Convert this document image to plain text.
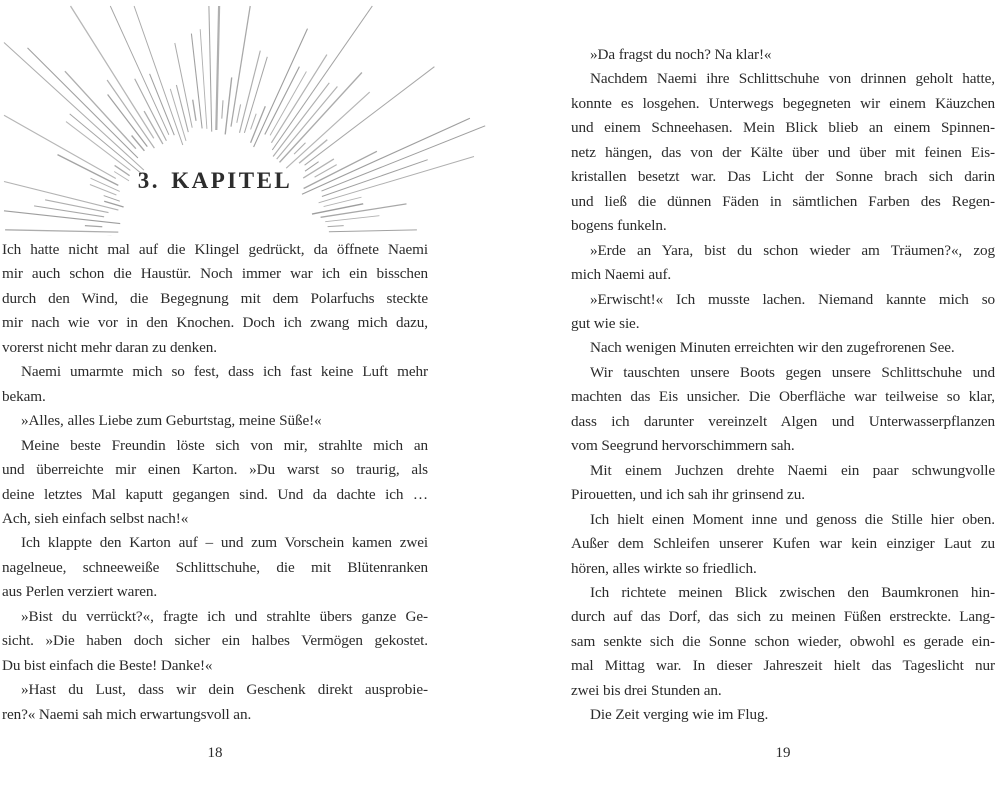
3. KAPITEL
Ich hatte nicht mal auf die Klingel gedrückt, da öffnete Naemi
mir auch schon die Haustür. Noch immer war ich ein bisschen
durch den Wind, die Begegnung mit dem Polarfuchs steckte
mir nach wie vor in den Knochen. Doch ich zwang mich dazu,
vorerst nicht mehr daran zu denken.
Naemi umarmte mich so fest, dass ich fast keine Luft mehr
bekam.
»Alles, alles Liebe zum Geburtstag, meine Süße!«
Meine beste Freundin löste sich von mir, strahlte mich an
und überreichte mir einen Karton. »Du warst so traurig, als
deine letztes Mal kaputt gegangen sind. Und da dachte ich …
Ach, sieh einfach selbst nach!«
Ich klappte den Karton auf – und zum Vorschein kamen zwei
nagelneue, schneeweiße Schlittschuhe, die mit Blütenranken
aus Perlen verziert waren.
»Bist du verrückt?«, fragte ich und strahlte übers ganze Ge-
sicht. »Die haben doch sicher ein halbes Vermögen gekostet.
Du bist einfach die Beste! Danke!«
»Hast du Lust, dass wir dein Geschenk direkt ausprobie-
ren?« Naemi sah mich erwartungsvoll an.
18
»Da fragst du noch? Na klar!«
Nachdem Naemi ihre Schlittschuhe von drinnen geholt hatte,
konnte es losgehen. Unterwegs begegneten wir einem Käuzchen
und einem Schneehasen. Mein Blick blieb an einem Spinnen-
netz hängen, das von der Kälte über und über mit feinen Eis-
kristallen besetzt war. Das Licht der Sonne brach sich darin
und ließ die dünnen Fäden in sämtlichen Farben des Regen-
bogens funkeln.
»Erde an Yara, bist du schon wieder am Träumen?«, zog
mich Naemi auf.
»Erwischt!« Ich musste lachen. Niemand kannte mich so
gut wie sie.
Nach wenigen Minuten erreichten wir den zugefrorenen See.
Wir tauschten unsere Boots gegen unsere Schlittschuhe und
machten das Eis unsicher. Die Oberfläche war teilweise so klar,
dass ich darunter vereinzelt Algen und Unterwasserpflanzen
vom Seegrund hervorschimmern sah.
Mit einem Juchzen drehte Naemi ein paar schwungvolle
Pirouetten, und ich sah ihr grinsend zu.
Ich hielt einen Moment inne und genoss die Stille hier oben.
Außer dem Schleifen unserer Kufen war kein einziger Laut zu
hören, alles wirkte so friedlich.
Ich richtete meinen Blick zwischen den Baumkronen hin-
durch auf das Dorf, das sich zu meinen Füßen erstreckte. Lang-
sam senkte sich die Sonne schon wieder, obwohl es gerade ein-
mal Mittag war. In dieser Jahreszeit hielt das Tageslicht nur
zwei bis drei Stunden an.
Die Zeit verging wie im Flug.
19
